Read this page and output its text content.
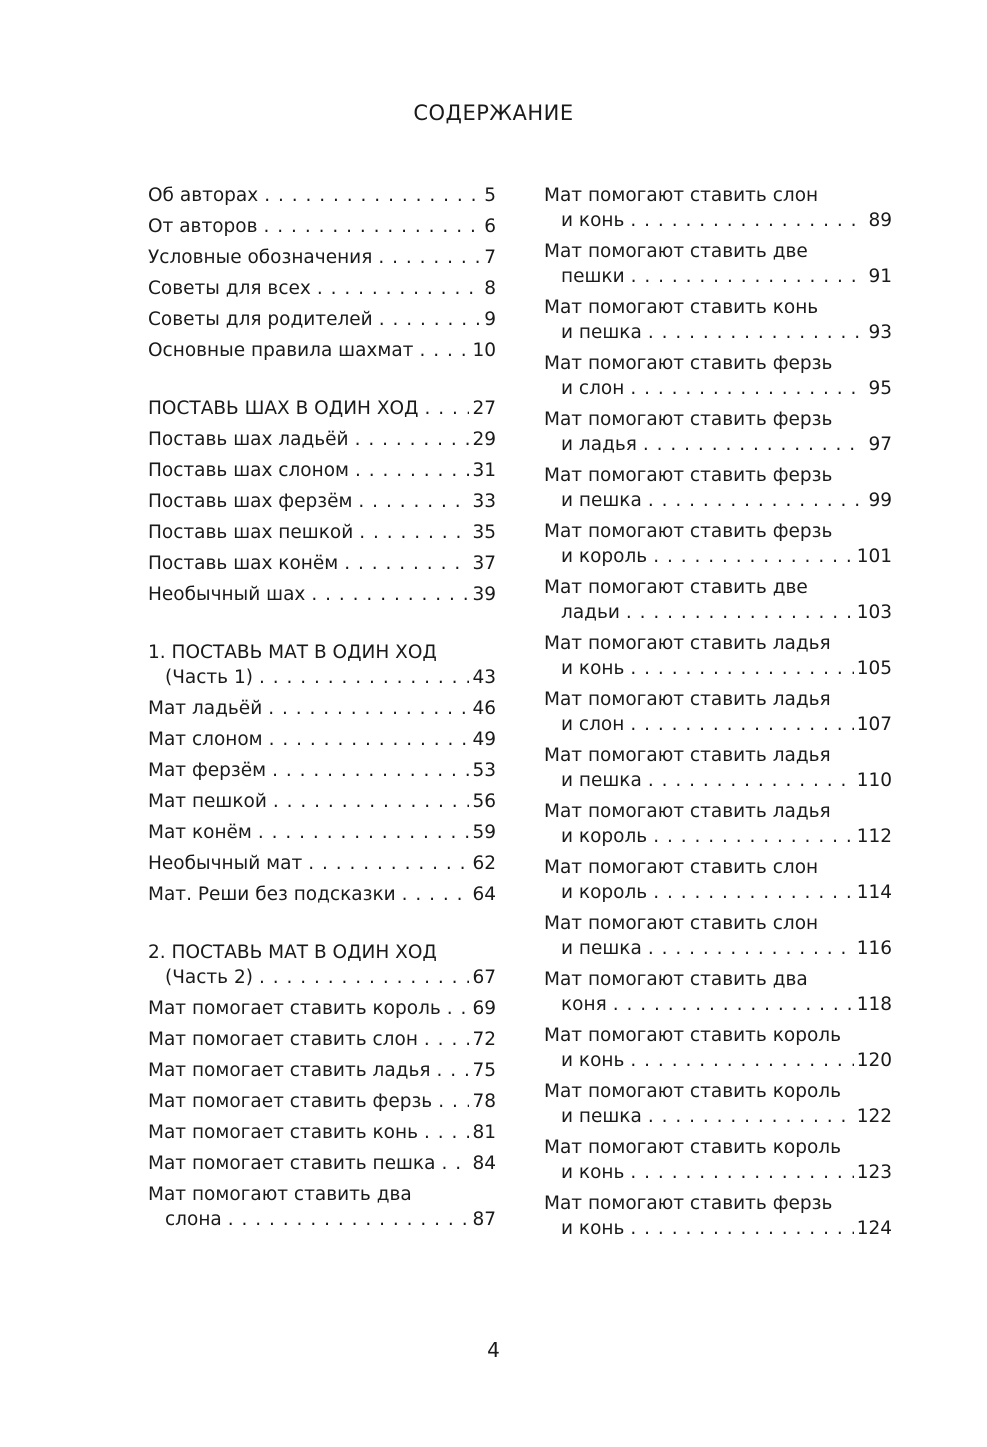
СОДЕРЖАНИЕ
Об авторах . . .	5
От авторов . . .	6
Условные обозначения . . .	7
Советы для всех . . .	8
Советы для родителей . . .	9
Основные правила шахмат . . .	10
ПОСТАВЬ ШАХ В ОДИН ХОД . . .	27
Поставь шах ладьёй . . .	29
Поставь шах слоном . . .	31
Поставь шах ферзём . . .	33
Поставь шах пешкой . . .	35
Поставь шах конём . . .	37
Необычный шах . . .	39
1. ПОСТАВЬ МАТ В ОДИН ХОД
(Часть 1) . . .	43
Мат ладьёй . . .	46
Мат слоном . . .	49
Мат ферзём . . .	53
Мат пешкой . . .	56
Мат конём . . .	59
Необычный мат . . .	62
Мат. Реши без подсказки . . .	64
2. ПОСТАВЬ МАТ В ОДИН ХОД
(Часть 2) . . .	67
Мат помогает ставить король . . . 69
Мат помогает ставить слон . . .	72
Мат помогает ставить ладья . . . 75
Мат помогает ставить ферзь . . . 78
Мат помогает ставить конь . . .	81
Мат помогает ставить пешка . . . 84
Мат помогают ставить два
слона . . .	87
Мат помогают ставить слон
и конь . . .	89
Мат помогают ставить две
пешки . . .	91
Мат помогают ставить конь
и пешка . . .	93
Мат помогают ставить ферзь
и слон . . .	95
Мат помогают ставить ферзь
и ладья . . .	97
Мат помогают ставить ферзь
и пешка . . .	99
Мат помогают ставить ферзь
и король . . .	101
Мат помогают ставить две
ладьи . . .	103
Мат помогают ставить ладья
и конь . . .	105
Мат помогают ставить ладья
и слон . . .	107
Мат помогают ставить ладья
и пешка . . .	110
Мат помогают ставить ладья
и король . . .	112
Мат помогают ставить слон
и король . . .	114
Мат помогают ставить слон
и пешка . . .	116
Мат помогают ставить два
коня . . .	118
Мат помогают ставить король
и конь . . .	120
Мат помогают ставить король
и пешка . . .	122
Мат помогают ставить король
и конь . . .	123
Мат помогают ставить ферзь
и конь . . .	124
4
